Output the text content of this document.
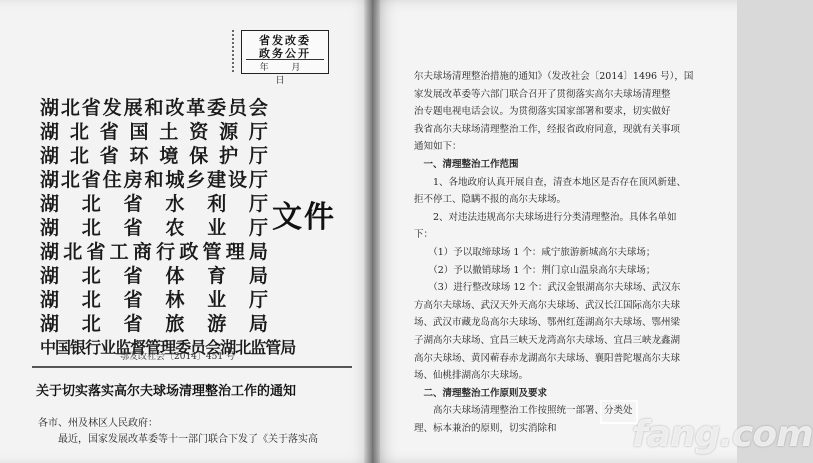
省发改委
政务公开
年 月 日
湖 北 省 发 展 和 改 革 委 员 会
湖 北 省 国 土 资 源 厅
湖 北 省 环 境 保 护 厅
湖 北 省 住 房 和 城 乡 建 设 厅
湖 北 省 水 利 厅
湖 北 省 农 业 厅
湖 北 省 工 商 行 政 管 理 局
湖 北 省 体 育 局
湖 北 省 林 业 厅
湖 北 省 旅 游 局
中 国 银 行 业 监 督 管 理 委 员 会 湖 北 监 管 局
文件
鄂发改社会〔2014〕451 号
关于切实落实高尔夫球场清理整治工作的通知
各市、州及林区人民政府：
最近，国家发展改革委等十一部门联合下发了《关于落实高

尔夫球场清理整治措施的通知》（发改社会〔2014〕1496 号），国

家发展改革委等六部门联合召开了贯彻落实高尔夫球场清理整

治专题电视电话会议。为贯彻落实国家部署和要求，切实做好

我省高尔夫球场清理整治工作，经报省政府同意，现就有关事项

通知如下：

　一、清理整治工作范围

　　1、各地政府认真开展自查，清查本地区是否存在顶风新建、

拒不停工、隐瞒不报的高尔夫球场。

　　2、对违法违规高尔夫球场进行分类清理整治。具体名单如

下：

　　（1）予以取缔球场 1 个：咸宁旅游新城高尔夫球场；

　　（2）予以撤销球场 1 个：荆门京山温泉高尔夫球场；

　　（3）进行整改球场 12 个：武汉金银湖高尔夫球场、武汉东

方高尔夫球场、武汉天外天高尔夫球场、武汉长江国际高尔夫球

场、武汉市藏龙岛高尔夫球场、鄂州红莲湖高尔夫球场、鄂州梁

子湖高尔夫球场、宜昌三峡天龙湾高尔夫球场、宜昌三峡龙鑫湖

高尔夫球场、黄冈蕲春赤龙湖高尔夫球场、襄阳普陀堰高尔夫球

场、仙桃排湖高尔夫球场。

　二、清理整治工作原则及要求

　　高尔夫球场清理整治工作按照统一部署、分类处

理、标本兼治的原则，切实消除和	fang.com
